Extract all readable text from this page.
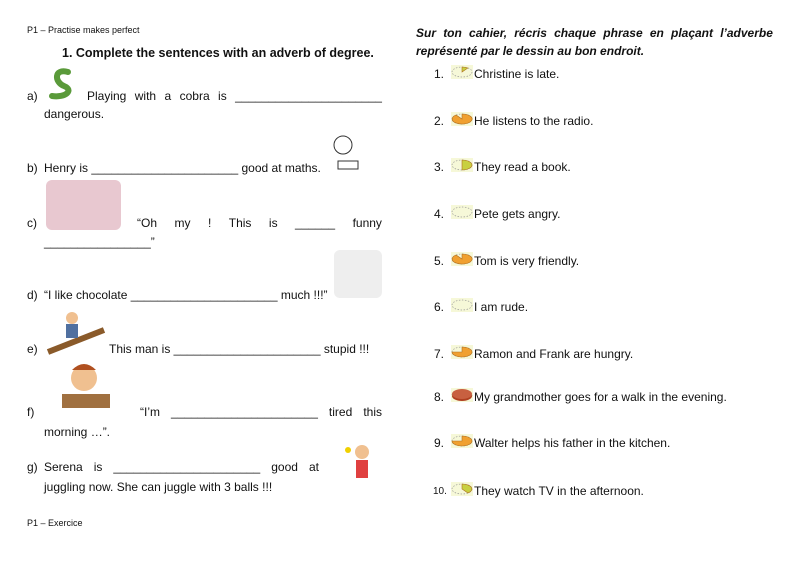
P1 – Practise makes perfect
1. Complete the sentences with an adverb of degree.
a)	Playing with a cobra is ______________________
dangerous.
b) Henry is ______________________ good at maths.
c)	“Oh my ! This is ______ funny
________________”
d) “I like chocolate ______________________ much !!!”
e)	This man is ______________________ stupid !!!
f)	“I’m ______________________ tired this
morning …”.
g) Serena is ______________________ good at
juggling now. She can juggle with 3 balls !!!
P1 – Exercice
Sur ton cahier, récris chaque phrase en plaçant l’adverbe
représenté par le dessin au bon endroit.
1. Christine is late.
2. He listens to the radio.
3. They read a book.
4. Pete gets angry.
5. Tom is very friendly.
6. I am rude.
7. Ramon and Frank are hungry.
8. My grandmother goes for a walk in the evening.
9. Walter helps his father in the kitchen.
10. They watch TV in the afternoon.
